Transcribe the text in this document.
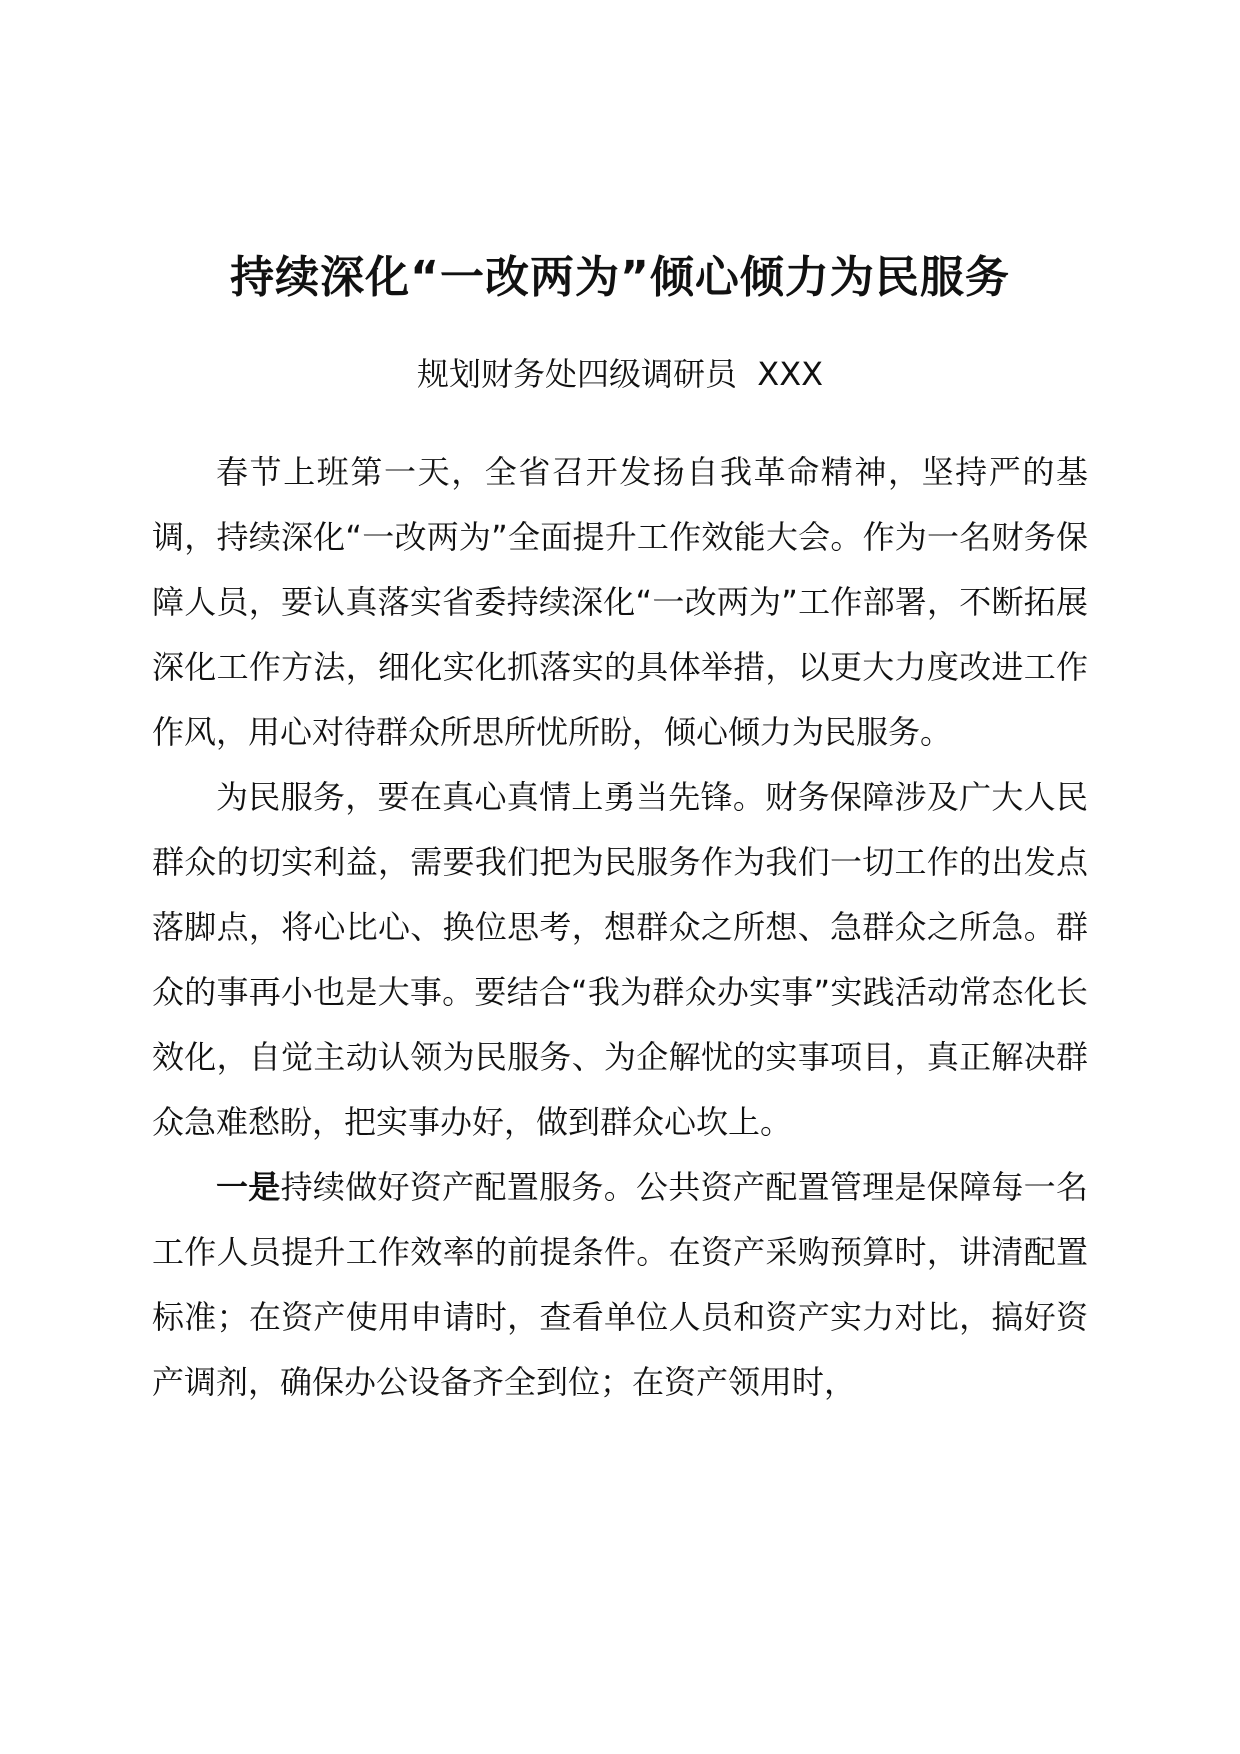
持续深化“一改两为”倾心倾力为民服务

规划财务处四级调研员  XXX

春节上班第一天，全省召开发扬自我革命精神，坚持严的基调，持续深化“一改两为”全面提升工作效能大会。作为一名财务保障人员，要认真落实省委持续深化“一改两为”工作部署，不断拓展深化工作方法，细化实化抓落实的具体举措，以更大力度改进工作作风，用心对待群众所思所忧所盼，倾心倾力为民服务。

为民服务，要在真心真情上勇当先锋。财务保障涉及广大人民群众的切实利益，需要我们把为民服务作为我们一切工作的出发点落脚点，将心比心、换位思考，想群众之所想、急群众之所急。群众的事再小也是大事。要结合“我为群众办实事”实践活动常态化长效化，自觉主动认领为民服务、为企解忧的实事项目，真正解决群众急难愁盼，把实事办好，做到群众心坎上。

一是持续做好资产配置服务。公共资产配置管理是保障每一名工作人员提升工作效率的前提条件。在资产采购预算时，讲清配置标准；在资产使用申请时，查看单位人员和资产实力对比，搞好资产调剂，确保办公设备齐全到位；在资产领用时，
